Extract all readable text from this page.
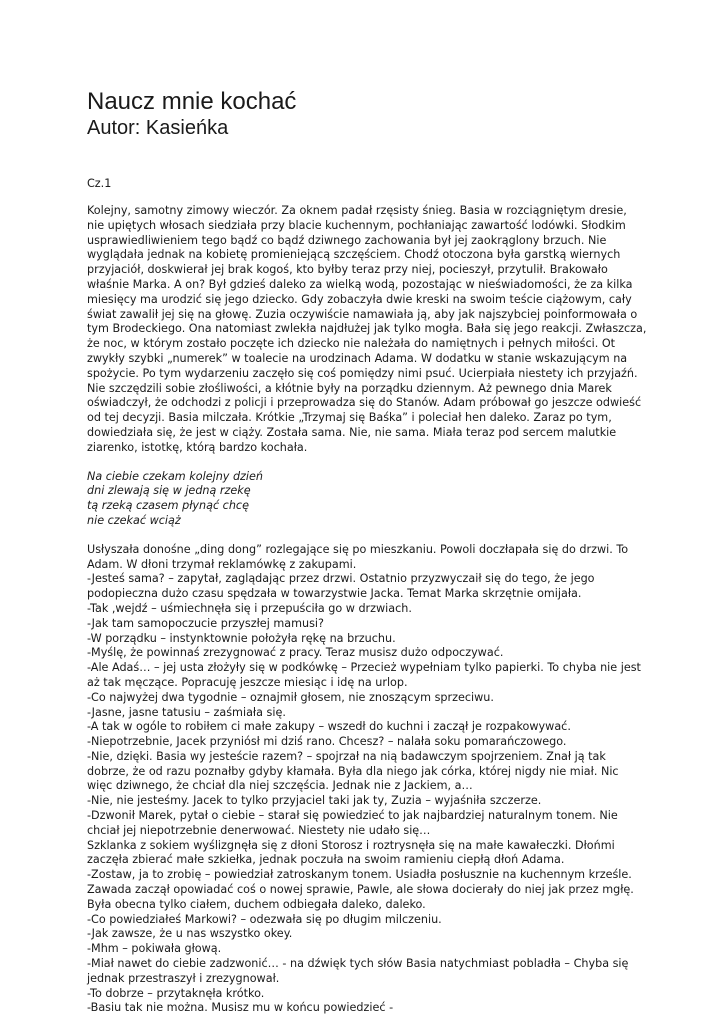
Naucz mnie kochać
Autor: Kasieńka

Cz.1

Kolejny, samotny zimowy wieczór. Za oknem padał rzęsisty śnieg. Basia w rozciągniętym dresie, nie upiętych włosach siedziała przy blacie kuchennym, pochłaniając zawartość lodówki. Słodkim usprawiedliwieniem tego bądź co bądź dziwnego zachowania był jej zaokrąglony brzuch. Nie wyglądała jednak na kobietę promieniejącą szczęściem. Chodź otoczona była garstką wiernych przyjaciół, doskwierał jej brak kogoś, kto byłby teraz przy niej, pocieszył, przytulił. Brakowało właśnie Marka. A on? Był gdzieś daleko za wielką wodą, pozostając w nieświadomości, że za kilka miesięcy ma urodzić się jego dziecko. Gdy zobaczyła dwie kreski na swoim teście ciążowym, cały świat zawalił jej się na głowę. Zuzia oczywiście namawiała ją, aby jak najszybciej poinformowała o tym Brodeckiego. Ona natomiast zwlekła najdłużej jak tylko mogła. Bała się jego reakcji. Zwłaszcza, że noc, w którym zostało poczęte ich dziecko nie należała do namiętnych i pełnych miłości. Ot zwykły szybki „numerek” w toalecie na urodzinach Adama. W dodatku w stanie wskazującym na spożycie. Po tym wydarzeniu zaczęło się coś pomiędzy nimi psuć. Ucierpiała niestety ich przyjaźń. Nie szczędzili sobie złośliwości, a kłótnie były na porządku dziennym. Aż pewnego dnia Marek oświadczył, że odchodzi z policji i przeprowadza się do Stanów. Adam próbował go jeszcze odwieść od tej decyzji. Basia milczała. Krótkie „Trzymaj się Baśka” i poleciał hen daleko. Zaraz po tym, dowiedziała się, że jest w ciąży. Została sama. Nie, nie sama. Miała teraz pod sercem malutkie ziarenko, istotkę, którą bardzo kochała.

Na ciebie czekam kolejny dzień
dni zlewają się w jedną rzekę
tą rzeką czasem płynąć chcę
nie czekać wciąż

Usłyszała donośne „ding dong” rozlegające się po mieszkaniu. Powoli doczłapała się do drzwi. To Adam. W dłoni trzymał reklamówkę z zakupami.

-Jesteś sama? – zapytał, zaglądając przez drzwi. Ostatnio przyzwyczaił się do tego, że jego podopieczna dużo czasu spędzała w towarzystwie Jacka. Temat Marka skrzętnie omijała.

-Tak ,wejdź – uśmiechnęła się i przepuściła go w drzwiach.

-Jak tam samopoczucie przyszłej mamusi?

-W porządku – instynktownie położyła rękę na brzuchu.

-Myślę, że powinnaś zrezygnować z pracy. Teraz musisz dużo odpoczywać.

-Ale Adaś… – jej usta złożyły się w podkówkę – Przecież wypełniam tylko papierki. To chyba nie jest aż tak męczące. Popracuję jeszcze miesiąc i idę na urlop.

-Co najwyżej dwa tygodnie – oznajmił głosem, nie znoszącym sprzeciwu.

-Jasne, jasne tatusiu – zaśmiała się.

-A tak w ogóle to robiłem ci małe zakupy – wszedł do kuchni i zaczął je rozpakowywać.

-Niepotrzebnie, Jacek przyniósł mi dziś rano. Chcesz? – nalała soku pomarańczowego.

-Nie, dzięki. Basia wy jesteście razem? – spojrzał na nią badawczym spojrzeniem. Znał ją tak dobrze, że od razu poznałby gdyby kłamała. Była dla niego jak córka, której nigdy nie miał. Nic więc dziwnego, że chciał dla niej szczęścia. Jednak nie z Jackiem, a…

-Nie, nie jesteśmy. Jacek to tylko przyjaciel taki jak ty, Zuzia – wyjaśniła szczerze.

-Dzwonił Marek, pytał o ciebie – starał się powiedzieć to jak najbardziej naturalnym tonem. Nie chciał jej niepotrzebnie denerwować. Niestety nie udało się…

Szklanka z sokiem wyślizgnęła się z dłoni Storosz i roztrysnęła się na małe kawałeczki. Dłońmi zaczęła zbierać małe szkiełka, jednak poczuła na swoim ramieniu ciepłą dłoń Adama.

-Zostaw, ja to zrobię – powiedział zatroskanym tonem. Usiadła posłusznie na kuchennym krześle. Zawada zaczął opowiadać coś o nowej sprawie, Pawle, ale słowa docierały do niej jak przez mgłę. Była obecna tylko ciałem, duchem odbiegała daleko, daleko.

-Co powiedziałeś Markowi? – odezwała się po długim milczeniu.

-Jak zawsze, że u nas wszystko okey.

-Mhm – pokiwała głową.

-Miał nawet do ciebie zadzwonić… - na dźwięk tych słów Basia natychmiast pobladła – Chyba się jednak przestraszył i zrezygnował.

-To dobrze – przytaknęła krótko.

-Basiu tak nie można. Musisz mu w końcu powiedzieć -
